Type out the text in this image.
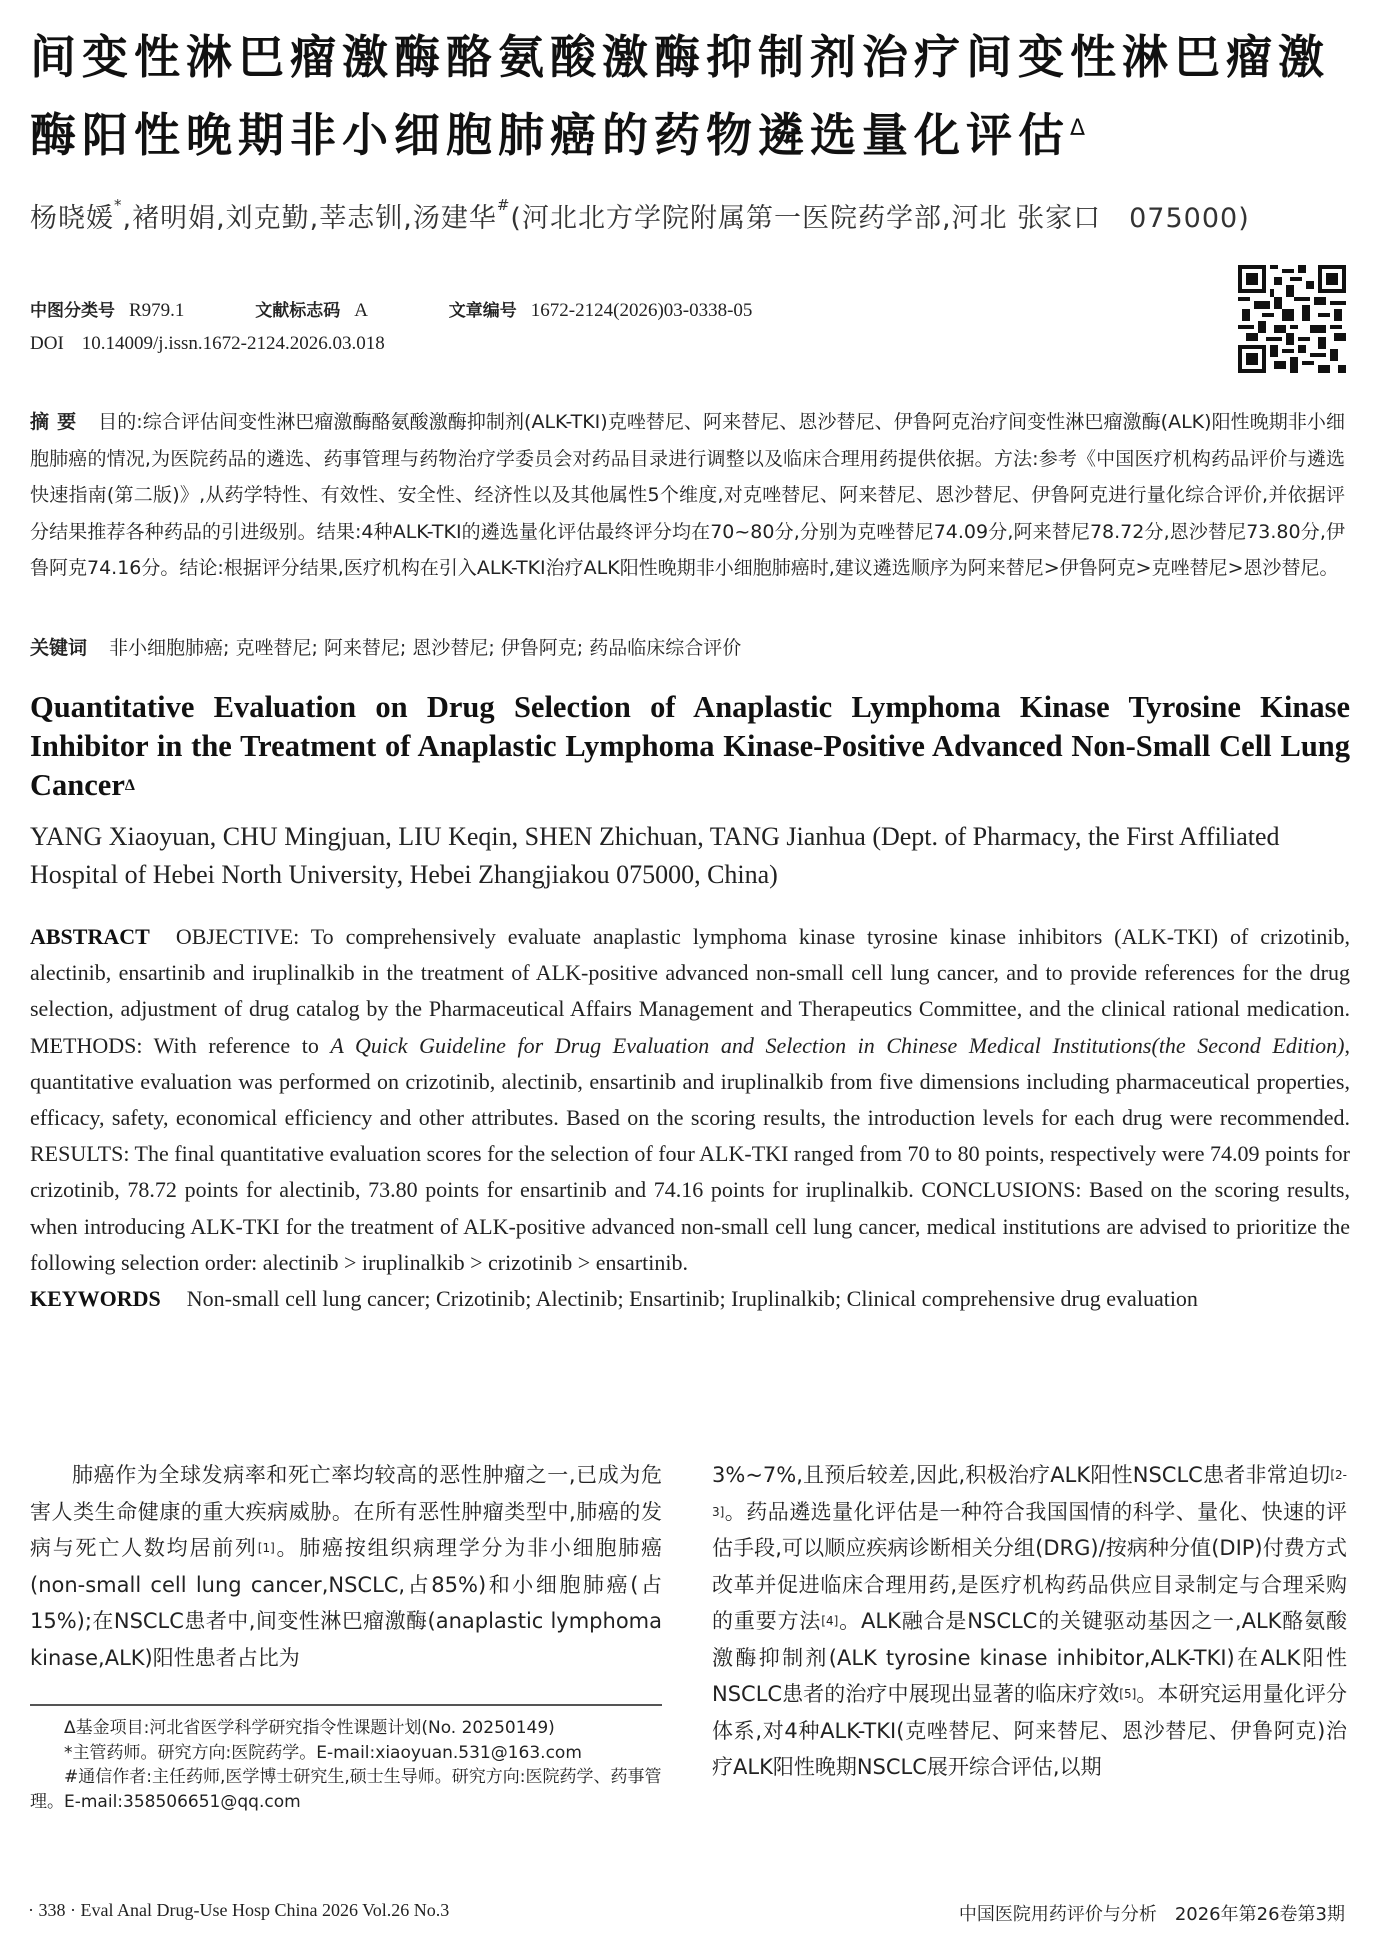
间变性淋巴瘤激酶酪氨酸激酶抑制剂治疗间变性淋巴瘤激酶阳性晚期非小细胞肺癌的药物遴选量化评估$^\Delta$
杨晓媛*,褚明娟,刘克勤,莘志钏,汤建华#(河北北方学院附属第一医院药学部,河北 张家口　075000)
中图分类号 R979.1	文献标志码 A	文章编号 1672-2124(2026)03-0338-05
DOI 10.14009/j.issn.1672-2124.2026.03.018
摘要 目的:综合评估间变性淋巴瘤激酶酪氨酸激酶抑制剂(ALK-TKI)克唑替尼、阿来替尼、恩沙替尼、伊鲁阿克治疗间变性淋巴瘤激酶(ALK)阳性晚期非小细胞肺癌的情况,为医院药品的遴选、药事管理与药物治疗学委员会对药品目录进行调整以及临床合理用药提供依据。方法:参考《中国医疗机构药品评价与遴选快速指南(第二版)》,从药学特性、有效性、安全性、经济性以及其他属性5个维度,对克唑替尼、阿来替尼、恩沙替尼、伊鲁阿克进行量化综合评价,并依据评分结果推荐各种药品的引进级别。结果:4种ALK-TKI的遴选量化评估最终评分均在70~80分,分别为克唑替尼74.09分,阿来替尼78.72分,恩沙替尼73.80分,伊鲁阿克74.16分。结论:根据评分结果,医疗机构在引入ALK-TKI治疗ALK阳性晚期非小细胞肺癌时,建议遴选顺序为阿来替尼>伊鲁阿克>克唑替尼>恩沙替尼。
关键词 非小细胞肺癌; 克唑替尼; 阿来替尼; 恩沙替尼; 伊鲁阿克; 药品临床综合评价
Quantitative Evaluation on Drug Selection of Anaplastic Lymphoma Kinase Tyrosine Kinase Inhibitor in the Treatment of Anaplastic Lymphoma Kinase-Positive Advanced Non-Small Cell Lung Cancer$^\Delta$
YANG Xiaoyuan, CHU Mingjuan, LIU Keqin, SHEN Zhichuan, TANG Jianhua (Dept. of Pharmacy, the First Affiliated Hospital of Hebei North University, Hebei Zhangjiakou 075000, China)
ABSTRACT OBJECTIVE: To comprehensively evaluate anaplastic lymphoma kinase tyrosine kinase inhibitors (ALK-TKI) of crizotinib, alectinib, ensartinib and iruplinalkib in the treatment of ALK-positive advanced non-small cell lung cancer, and to provide references for the drug selection, adjustment of drug catalog by the Pharmaceutical Affairs Management and Therapeutics Committee, and the clinical rational medication. METHODS: With reference to A Quick Guideline for Drug Evaluation and Selection in Chinese Medical Institutions(the Second Edition), quantitative evaluation was performed on crizotinib, alectinib, ensartinib and iruplinalkib from five dimensions including pharmaceutical properties, efficacy, safety, economical efficiency and other attributes. Based on the scoring results, the introduction levels for each drug were recommended. RESULTS: The final quantitative evaluation scores for the selection of four ALK-TKI ranged from 70 to 80 points, respectively were 74.09 points for crizotinib, 78.72 points for alectinib, 73.80 points for ensartinib and 74.16 points for iruplinalkib. CONCLUSIONS: Based on the scoring results, when introducing ALK-TKI for the treatment of ALK-positive advanced non-small cell lung cancer, medical institutions are advised to prioritize the following selection order: alectinib > iruplinalkib > crizotinib > ensartinib.
KEYWORDS Non-small cell lung cancer; Crizotinib; Alectinib; Ensartinib; Iruplinalkib; Clinical comprehensive drug evaluation
肺癌作为全球发病率和死亡率均较高的恶性肿瘤之一,已成为危害人类生命健康的重大疾病威胁。在所有恶性肿瘤类型中,肺癌的发病与死亡人数均居前列[1]。肺癌按组织病理学分为非小细胞肺癌(non-small cell lung cancer,NSCLC,占85%)和小细胞肺癌(占15%);在NSCLC患者中,间变性淋巴瘤激酶(anaplastic lymphoma kinase,ALK)阳性患者占比为

Δ基金项目:河北省医学科学研究指令性课题计划(No. 20250149)

*主管药师。研究方向:医院药学。E-mail:xiaoyuan.531@163.com

#通信作者:主任药师,医学博士研究生,硕士生导师。研究方向:医院药学、药事管理。E-mail:358506651@qq.com

3%~7%,且预后较差,因此,积极治疗ALK阳性NSCLC患者非常迫切[2-3]。药品遴选量化评估是一种符合我国国情的科学、量化、快速的评估手段,可以顺应疾病诊断相关分组(DRG)/按病种分值(DIP)付费方式改革并促进临床合理用药,是医疗机构药品供应目录制定与合理采购的重要方法[4]。ALK融合是NSCLC的关键驱动基因之一,ALK酪氨酸激酶抑制剂(ALK tyrosine kinase inhibitor,ALK-TKI)在ALK阳性NSCLC患者的治疗中展现出显著的临床疗效[5]。本研究运用量化评分体系,对4种ALK-TKI(克唑替尼、阿来替尼、恩沙替尼、伊鲁阿克)治疗ALK阳性晚期NSCLC展开综合评估,以期
· 338 · Eval Anal Drug-Use Hosp China 2026 Vol.26 No.3	中国医院用药评价与分析　2026年第26卷第3期
